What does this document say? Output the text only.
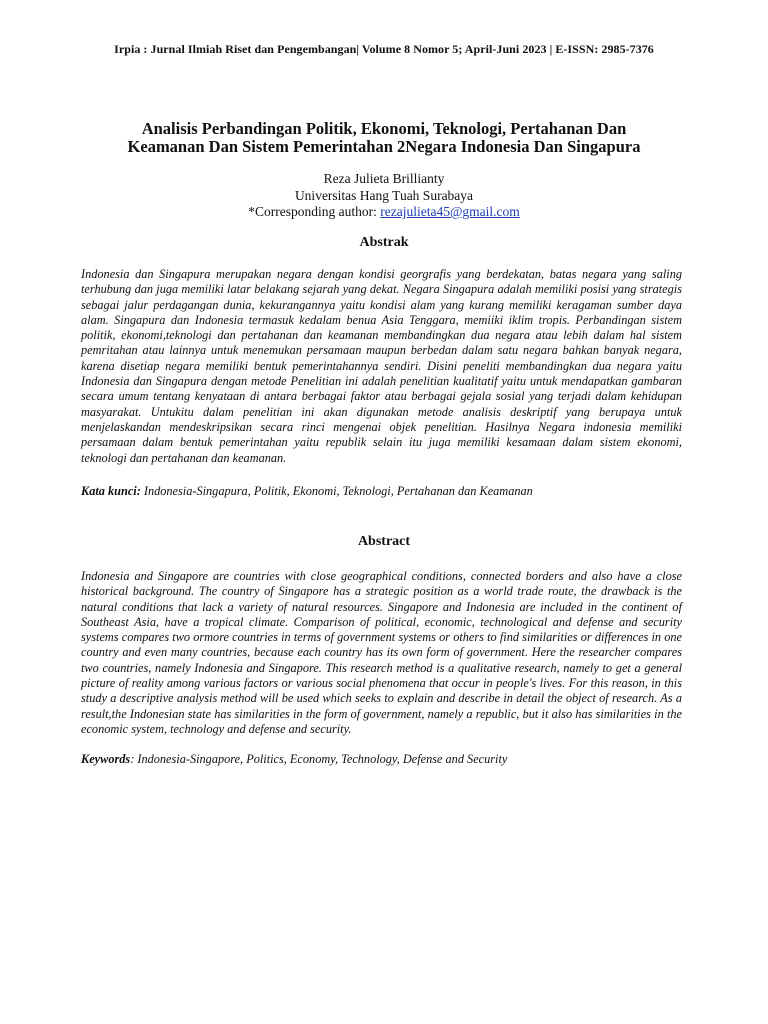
Irpia : Jurnal Ilmiah Riset dan Pengembangan| Volume 8 Nomor 5; April-Juni 2023 | E-ISSN: 2985-7376
Analisis Perbandingan Politik, Ekonomi, Teknologi, Pertahanan Dan
Keamanan Dan Sistem Pemerintahan 2Negara Indonesia Dan Singapura
Reza Julieta Brillianty
Universitas Hang Tuah Surabaya
*Corresponding author: rezajulieta45@gmail.com
Abstrak
Indonesia dan Singapura merupakan negara dengan kondisi georgrafis yang berdekatan, batas negara yang saling terhubung dan juga memiliki latar belakang sejarah yang dekat. Negara Singapura adalah memiliki posisi yang strategis sebagai jalur perdagangan dunia, kekurangannya yaitu kondisi alam yang kurang memiliki keragaman sumber daya alam. Singapura dan Indonesia termasuk kedalam benua Asia Tenggara, memiiki iklim tropis. Perbandingan sistem politik, ekonomi,teknologi dan pertahanan dan keamanan membandingkan dua negara atau lebih dalam hal sistem pemritahan atau lainnya untuk menemukan persamaan maupun berbedan dalam satu negara bahkan banyak negara, karena disetiap negara memiliki bentuk pemerintahannya sendiri. Disini peneliti membandingkan dua negara yaitu Indonesia dan Singapura dengan metode Penelitian ini adalah penelitian kualitatif yaitu untuk mendapatkan gambaran secara umum tentang kenyataan di antara berbagai faktor atau berbagai gejala sosial yang terjadi dalam kehidupan masyarakat. Untukitu dalam penelitian ini akan digunakan metode analisis deskriptif yang berupaya untuk menjelaskandan mendeskripsikan secara rinci mengenai objek penelitian. Hasilnya Negara indonesia memiliki persamaan dalam bentuk pemerintahan yaitu republik selain itu juga memiliki kesamaan dalam sistem ekonomi, teknologi dan pertahanan dan keamanan.
Kata kunci: Indonesia-Singapura, Politik, Ekonomi, Teknologi, Pertahanan dan Keamanan
Abstract
Indonesia and Singapore are countries with close geographical conditions, connected borders and also have a close historical background. The country of Singapore has a strategic position as a world trade route, the drawback is the natural conditions that lack a variety of natural resources. Singapore and Indonesia are included in the continent of Southeast Asia, have a tropical climate. Comparison of political, economic, technological and defense and security systems compares two ormore countries in terms of government systems or others to find similarities or differences in one country and even many countries, because each country has its own form of government. Here the researcher compares two countries, namely Indonesia and Singapore. This research method is a qualitative research, namely to get a general picture of reality among various factors or various social phenomena that occur in people's lives. For this reason, in this study a descriptive analysis method will be used which seeks to explain and describe in detail the object of research. As a result,the Indonesian state has similarities in the form of government, namely a republic, but it also has similarities in the economic system, technology and defense and security.
Keywords: Indonesia-Singapore, Politics, Economy, Technology, Defense and Security
